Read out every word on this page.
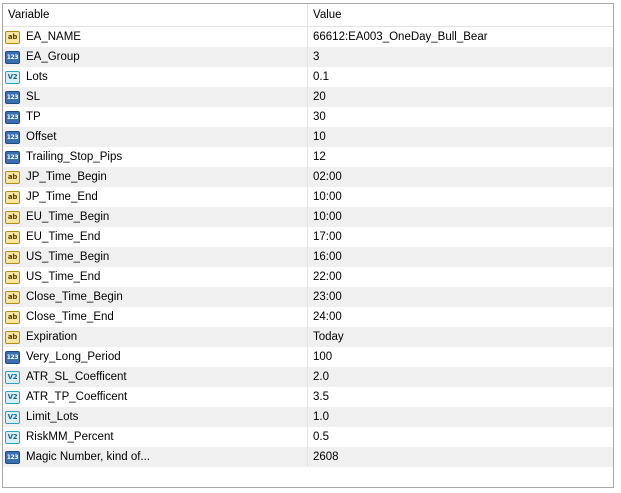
Variable	Value
ab EA_NAME	66612:EA003_OneDay_Bull_Bear
123 EA_Group	3
V2 Lots	0.1
123 SL	20
123 TP	30
123 Offset	10
123 Trailing_Stop_Pips	12
ab JP_Time_Begin	02:00
ab JP_Time_End	10:00
ab EU_Time_Begin	10:00
ab EU_Time_End	17:00
ab US_Time_Begin	16:00
ab US_Time_End	22:00
ab Close_Time_Begin	23:00
ab Close_Time_End	24:00
ab Expiration	Today
123 Very_Long_Period	100
V2 ATR_SL_Coefficent	2.0
V2 ATR_TP_Coefficent	3.5
V2 Limit_Lots	1.0
V2 RiskMM_Percent	0.5
123 Magic Number, kind of...	2608
